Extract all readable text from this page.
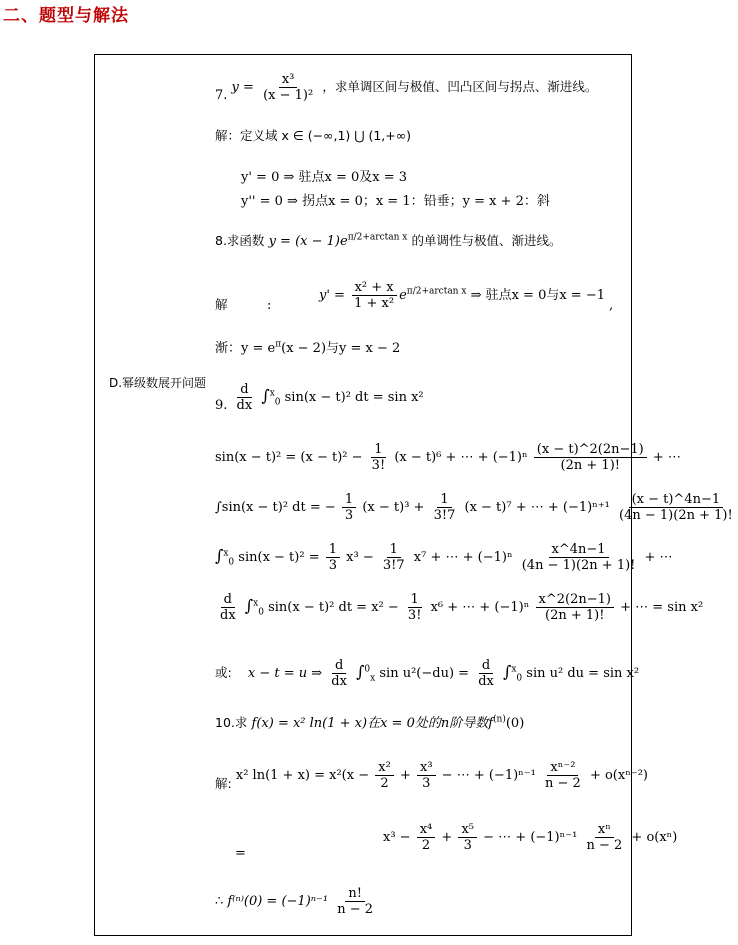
二、题型与解法
D.幂级数展开问题
7. $y = \frac{\text{x³}}{\text{(x − 1)²}}$ ，求单调区间与极值、凹凸区间与拐点、渐进线。
解：定义域 x ∈ (−∞,1) ⋃ (1,+∞)
y' = 0 ⇒ 驻点x = 0及x = 3
y'' = 0 ⇒ 拐点x = 0；x = 1：铅垂；y = x + 2：斜
8.求函数 $y = (x - 1)e^{\pi/2+arctan x}$ 的单调性与极值、渐进线。
解	:
$y' = \frac{\text{x² + x}}{\text{1 + x²}} e^{\pi/2+arctan x}$ ⇒ 驻点x = 0与x = −1
,
渐：$y = e^\pi(x - 2)$与y = x − 2
9. $\frac{d}{dx} \int^x_0$ sin(x − t)² dt = sin x²
$\sin(x - t)^2 = (x - t)^2 - \frac{1}{3!} (x - t)^6$ + ⋯ + $(-1)^n \frac{(x - t)\^{}2(2n-1)}{(2n + 1)!}$ + ⋯
∫sin(x − t)² dt = − $\frac{1}{3} (x - t)^3 + \frac{1}{3!7} (x - t)^7$ + ⋯ + $(-1)^{n+1} \frac{(x - t)\^{}4n-1}{(4n - 1)(2n + 1)!}$
∫$^x_0$ $\sin(x - t)^2 = \frac{1}{3} x^3 - \frac{1}{3!7} x^7$ + ⋯ + $(-1)^n \frac{x\^{}4n-1}{(4n - 1)(2n + 1)!}$ + ⋯
$\frac{d}{dx} \int^x_0$ sin(x − t)² dt = $x^2 - \frac{1}{3!} x^6$ + ⋯ + $(-1)^n \frac{x\^{}2(2n-1)}{(2n + 1)!}$ + ⋯ = sin x²
或: x − t = u ⇒ $\frac{d}{dx} \int^0_x$ $\sin u^2(-du) = \frac{d}{dx} \int^x_0$ sin u² du = sin x²
10.求 f(x) = x² ln(1 + x)在x = 0处的n阶导数$f^{(n)}(0)$
解: x² $\ln(1 + x) = x^2(x - \frac{\text{x²}}{2} + \frac{\text{x³}}{3}$ − ⋯ + $(-1)^{n-1} \frac{\text{xⁿ⁻²}}{n - 2} + o(x^{n-2})$
=
$x^3 - \frac{\text{x⁴}}{2} + \frac{\text{x⁵}}{3}$ − ⋯ + $(-1)^{n-1} \frac{\text{xⁿ}}{n - 2} + o(x^n)$
∴ $f^{(n)}(0) = (-1)^{n-1} \frac{n!}{n - 2}$
